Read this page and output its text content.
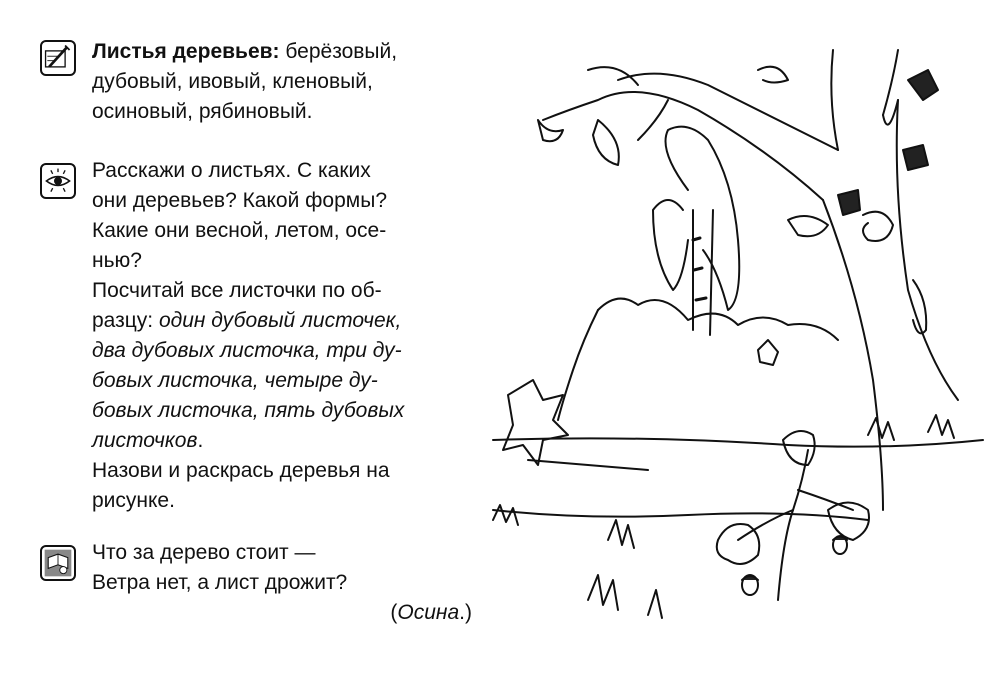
Листья деревьев: берёзовый,

дубовый, ивовый, кленовый,

осиновый, рябиновый.

Расскажи о листьях. С каких

они деревьев? Какой формы?

Какие они весной, летом, осе-

нью?

Посчитай все листочки по об-

разцу: один дубовый листочек,

два дубовых листочка, три ду-

бовых листочка, четыре ду-

бовых листочка, пять дубовых

листочков.

Назови и раскрась деревья на

рисунке.

Что за дерево стоит —

Ветра нет, а лист дрожит?

(Осина.)
